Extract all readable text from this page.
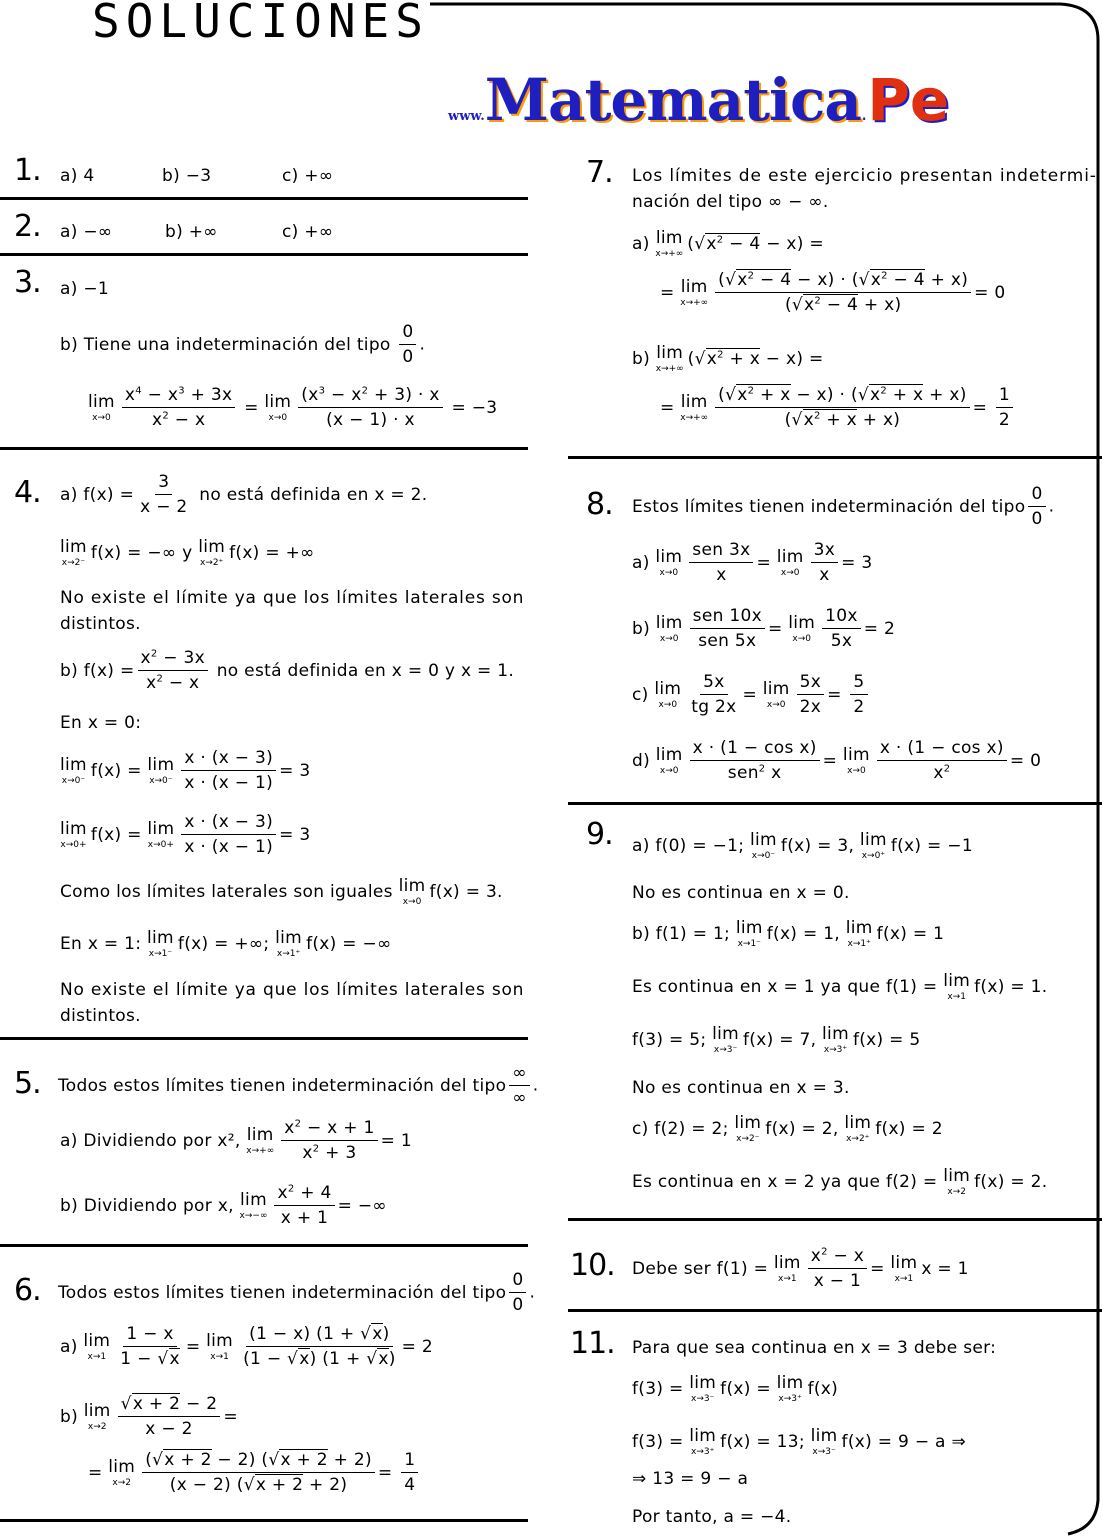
SOLUCIONES
www.Matematica.Pe
1. a) 4	b) −3	c) +∞
2. a) −∞	b) +∞	c) +∞
3. a) −1
b) Tiene una indeterminación del tipo $\frac{0}{0}$ .
lim
$x\to 0 \frac{x^4 - x^3 + 3x}{x^2 - x} = \lim$
$x\to 0 \frac{(x^3 - x^2 + 3) \cdot x}{(x - 1) \cdot x} = -3$
4. a) $f(x) = \frac{3}{x - 2}$ no está definida en x = 2.
lim
x→2⁻
f(x) = −∞ y lim
x→2⁺
f(x) = +∞
No existe el límite ya que los límites laterales son
distintos.
b) $f(x) = \frac{x^2 - 3x}{x^2 - x}$ no está definida en x = 0 y x = 1.
En x = 0:
lim
x→0⁻
f(x) = lim
$x\to 0^- \frac{x \cdot (x - 3)}{x \cdot (x - 1)} = 3$
lim
x→0+
f(x) = lim
$x\to 0+ \frac{x \cdot (x - 3)}{x \cdot (x - 1)} = 3$
Como los límites laterales son iguales lim
x→0
f(x) = 3.
En x = 1: lim
x→1⁻
f(x) = +∞; lim
x→1⁺
f(x) = −∞
No existe el límite ya que los límites laterales son
distintos.
5. Todos estos límites tienen indeterminación del tipo $\frac{\infty}{\infty}$ .
a) Dividiendo por x², lim
$x\to+\infty \frac{x^2 - x + 1}{x^2 + 3} = 1$
b) Dividiendo por x, lim
$x\to-\infty \frac{x^2 + 4}{x + 1}$ = −∞
6. Todos estos límites tienen indeterminación del tipo $\frac{0}{0}$ .
a) lim
$x\to 1 \frac{1 - x}{1 - √x} = \lim$
$x\to 1 \frac{(1 - x) (1 + √x)}{(1 - √x) (1 + √x)} = 2$
b) lim
$x\to 2 \frac{√x + 2 - 2}{x - 2}$ =
= lim
$x\to 2 \frac{(√x + 2 - 2) (√x + 2 + 2)}{(x - 2) (√x + 2 + 2)} = \frac{1}{4}$
7. Los límites de este ejercicio presentan indetermi-
nación del tipo ∞ − ∞.
a) lim
x→+∞
$(√x^2 - 4 - x)$ =
= lim
$x\to+\infty \frac{(√x^2 - 4 - x) \cdot (√x^2 - 4 + x)}{(√x^2 - 4 + x)} = 0$
b) lim
x→+∞
$(√x^2 + x - x)$ =
= lim
$x\to+\infty \frac{(√x^2 + x - x) \cdot (√x^2 + x + x)}{(√x^2 + x + x)} = \frac{1}{2}$
8. Estos límites tienen indeterminación del tipo $\frac{0}{0}$ .
a) lim
$x\to 0 \frac{\text{sen 3x}}{x} = \lim$
$x\to 0 \frac{3x}{x} = 3$
b) lim
$x\to 0 \frac{\text{sen 10x}}{\text{sen 5x}} = \lim$
$x\to 0 \frac{10x}{5x} = 2$
c) lim
$x\to 0 \frac{5x}{tg 2x} = \lim$
$x\to 0 \frac{5x}{2x} = \frac{5}{2}$
d) lim
$x\to 0 \frac{\text{x · (1 − cos x)}}{sen^2 x} = \lim$
$x\to 0 \frac{\text{x · (1 − cos x)}}{x^2} = 0$
9. a) f(0) = −1; lim
x→0⁻
f(x) = 3, lim
x→0⁺
f(x) = −1
No es continua en x = 0.
b) f(1) = 1; lim
x→1⁻
f(x) = 1, lim
x→1⁺
f(x) = 1
Es continua en x = 1 ya que f(1) = lim
x→1
f(x) = 1.
f(3) = 5; lim
x→3⁻
f(x) = 7, lim
x→3⁺
f(x) = 5
No es continua en x = 3.
c) f(2) = 2; lim
x→2⁻
f(x) = 2, lim
x→2⁺
f(x) = 2
Es continua en x = 2 ya que f(2) = lim
x→2
f(x) = 2.
10. Debe ser f(1) = lim
$x\to 1 \frac{x^2 - x}{x - 1} = \lim$
x→1
x = 1
11. Para que sea continua en x = 3 debe ser:
f(3) = lim
x→3⁻
f(x) = lim
x→3⁺
f(x)
f(3) = lim
x→3⁺
f(x) = 13; lim
x→3⁻
f(x) = 9 − a ⇒
⇒ 13 = 9 − a
Por tanto, a = −4.
